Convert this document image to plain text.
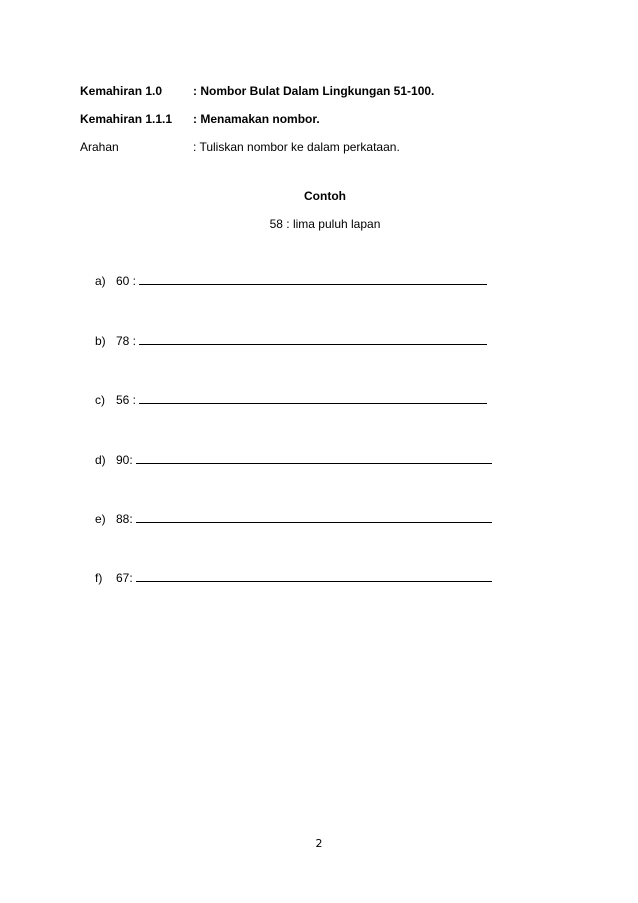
Kemahiran 1.0	: Nombor Bulat Dalam Lingkungan 51-100.
Kemahiran 1.1.1 : Menamakan nombor.
Arahan	: Tuliskan nombor ke dalam perkataan.
Contoh
58 : lima puluh lapan
a) 60 :
b) 78 :
c) 56 :
d) 90:
e) 88:
f) 67:
2
